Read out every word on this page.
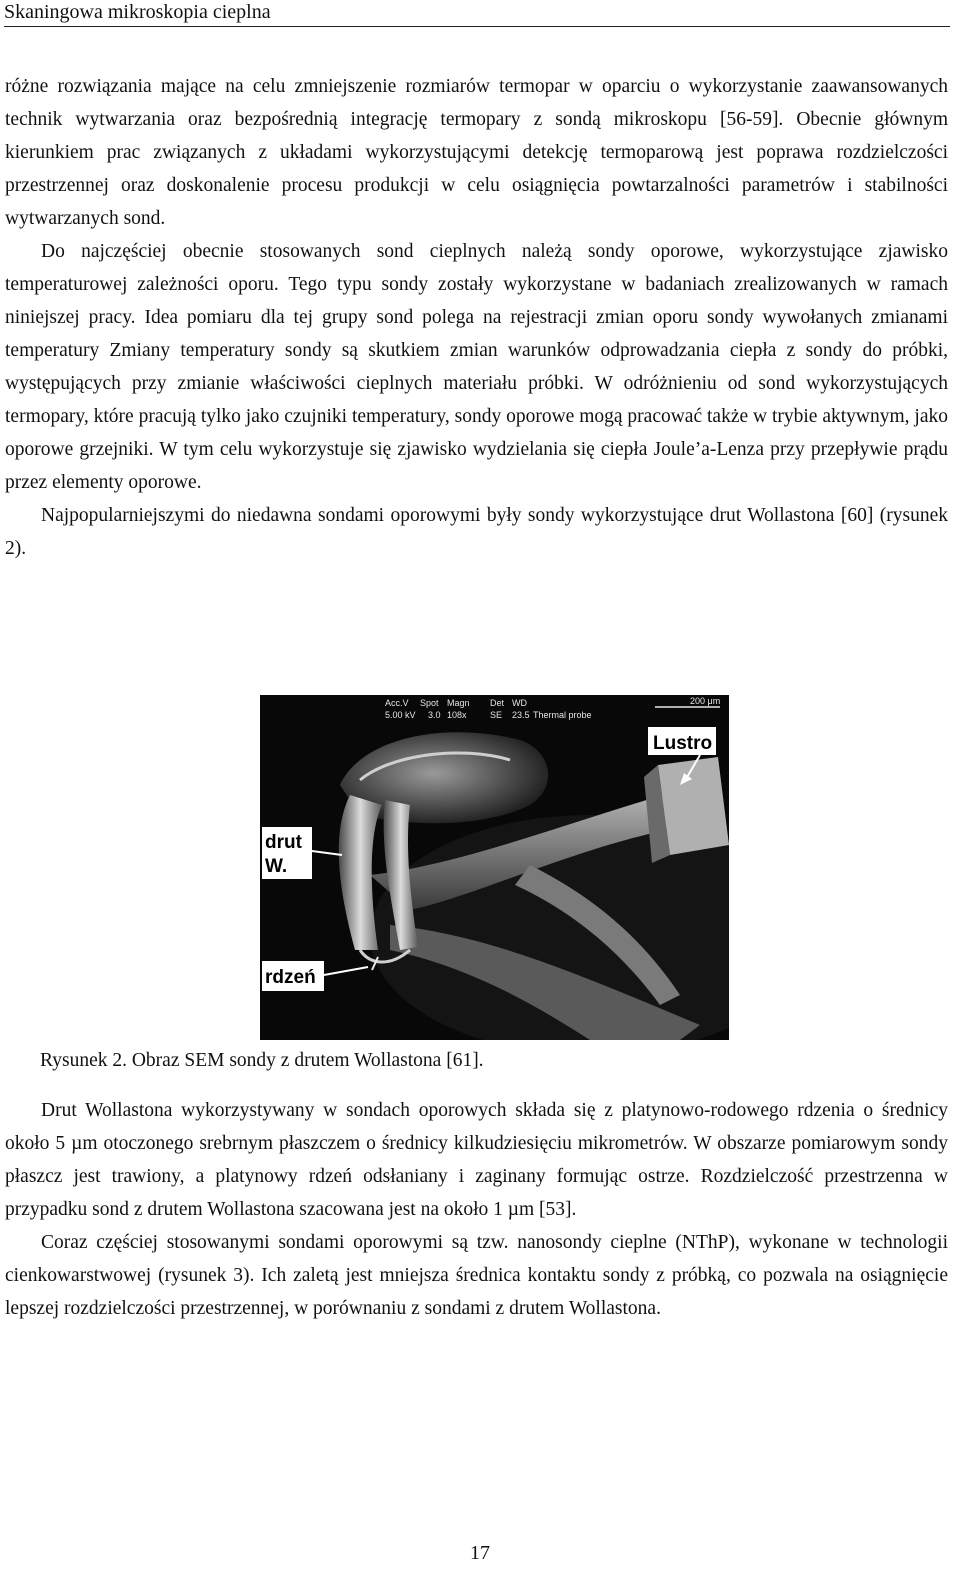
Skaningowa mikroskopia cieplna

różne rozwiązania mające na celu zmniejszenie rozmiarów termopar w oparciu o wykorzystanie zaawansowanych technik wytwarzania oraz bezpośrednią integrację termopary z sondą mikroskopu [56-59]. Obecnie głównym kierunkiem prac związanych z układami wykorzystującymi detekcję termoparową jest poprawa rozdzielczości przestrzennej oraz doskonalenie procesu produkcji w celu osiągnięcia powtarzalności parametrów i stabilności wytwarzanych sond.

Do najczęściej obecnie stosowanych sond cieplnych należą sondy oporowe, wykorzystujące zjawisko temperaturowej zależności oporu. Tego typu sondy zostały wykorzystane w badaniach zrealizowanych w ramach niniejszej pracy. Idea pomiaru dla tej grupy sond polega na rejestracji zmian oporu sondy wywołanych zmianami temperatury Zmiany temperatury sondy są skutkiem zmian warunków odprowadzania ciepła z sondy do próbki, występujących przy zmianie właściwości cieplnych materiału próbki. W odróżnieniu od sond wykorzystujących termopary, które pracują tylko jako czujniki temperatury, sondy oporowe mogą pracować także w trybie aktywnym, jako oporowe grzejniki. W tym celu wykorzystuje się zjawisko wydzielania się ciepła Joule’a-Lenza przy przepływie prądu przez elementy oporowe.

Najpopularniejszymi do niedawna sondami oporowymi były sondy wykorzystujące drut Wollastona [60] (rysunek 2).

Acc.V Spot Magn Det WD
5.00 kV 3.0 108x	SE 23.5 Thermal probe
200 μm
Lustro
drut
W.
rdzeń
Rysunek 2. Obraz SEM sondy z drutem Wollastona [61].

Drut Wollastona wykorzystywany w sondach oporowych składa się z platynowo-rodowego rdzenia o średnicy około 5 µm otoczonego srebrnym płaszczem o średnicy kilkudziesięciu mikrometrów. W obszarze pomiarowym sondy płaszcz jest trawiony, a platynowy rdzeń odsłaniany i zaginany formując ostrze. Rozdzielczość przestrzenna w przypadku sond z drutem Wollastona szacowana jest na około 1 µm [53].

Coraz częściej stosowanymi sondami oporowymi są tzw. nanosondy cieplne (NThP), wykonane w technologii cienkowarstwowej (rysunek 3). Ich zaletą jest mniejsza średnica kontaktu sondy z próbką, co pozwala na osiągnięcie lepszej rozdzielczości przestrzennej, w porównaniu z sondami z drutem Wollastona.

17
